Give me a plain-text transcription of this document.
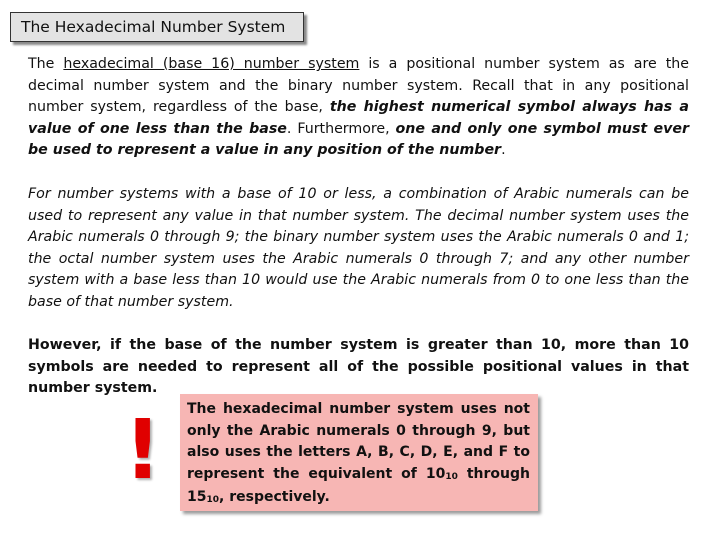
The Hexadecimal Number System

The hexadecimal (base 16) number system is a positional number system as are the decimal number system and the binary number system. Recall that in any positional number system, regardless of the base, the highest numerical symbol always has a value of one less than the base. Furthermore, one and only one symbol must ever be used to represent a value in any position of the number.

For number systems with a base of 10 or less, a combination of Arabic numerals can be used to represent any value in that number system. The decimal number system uses the Arabic numerals 0 through 9; the binary number system uses the Arabic numerals 0 and 1; the octal number system uses the Arabic numerals 0 through 7; and any other number system with a base less than 10 would use the Arabic numerals from 0 to one less than the base of that number system.

However, if the base of the number system is greater than 10, more than 10 symbols are needed to represent all of the possible positional values in that number system.

!	The hexadecimal number system uses not only the Arabic numerals 0 through 9, but also uses the letters A, B, C, D, E, and F to represent the equivalent of $10_{10}$ through $15_{10}$, respectively.
